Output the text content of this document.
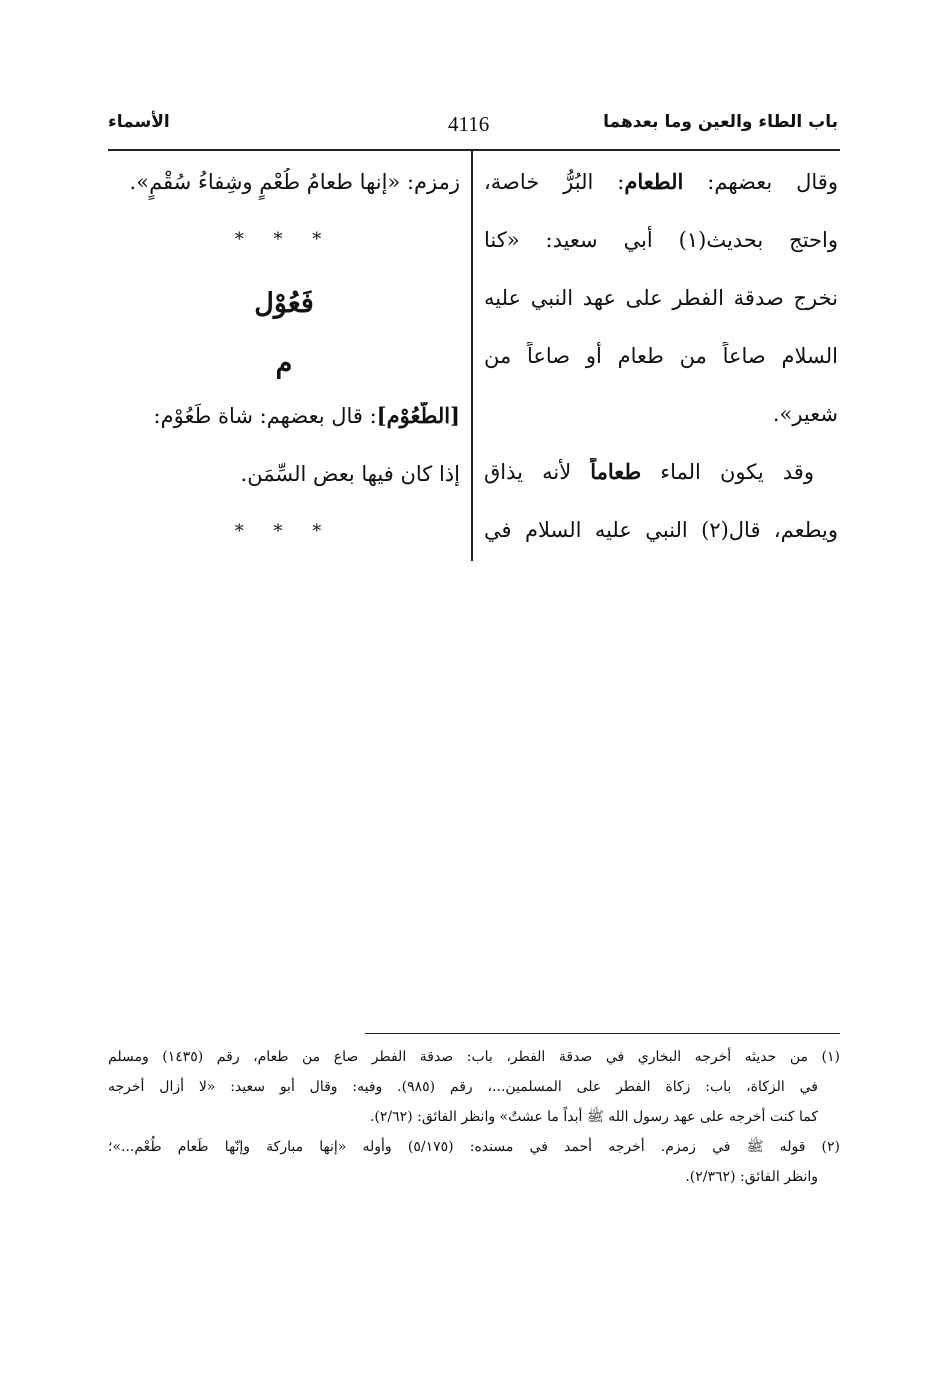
باب الطاء والعين وما بعدهما
4116
الأسماء
وقال بعضهم: الطعام: البُرُّ خاصة،
واحتج بحديث(١) أبي سعيد: «كنا
نخرج صدقة الفطر على عهد النبي عليه
السلام صاعاً من طعام أو صاعاً من
شعير».
وقد يكون الماء طعاماً لأنه يذاق
ويطعم، قال(٢) النبي عليه السلام في
زمزم: «إنها طعامُ طُعْمٍ وشِفاءُ سُقْمٍ».
* * *
فَعُوْل
م
[الطَّعُوْم]: قال بعضهم: شاة طَعُوْم:
إذا كان فيها بعض السِّمَن.
* * *
(١) من حديثه أخرجه البخاري في صدقة الفطر، باب: صدقة الفطر صاع من طعام، رقم (١٤٣٥) ومسلم
في الزكاة، باب: زكاة الفطر على المسلمين...، رقم (٩٨٥). وفيه: وقال أبو سعيد: «لا أزال أخرجه
كما كنت أخرجه على عهد رسول الله ﷺ أبداً ما عشتُ» وانظر الفائق: (٢/٦٢).
(٢) قوله ﷺ في زمزم. أخرجه أحمد في مسنده: (٥/١٧٥) وأوله «إنها مباركة وإنّها طَعام طُعْم...»؛
وانظر الفائق: (٢/٣٦٢).
